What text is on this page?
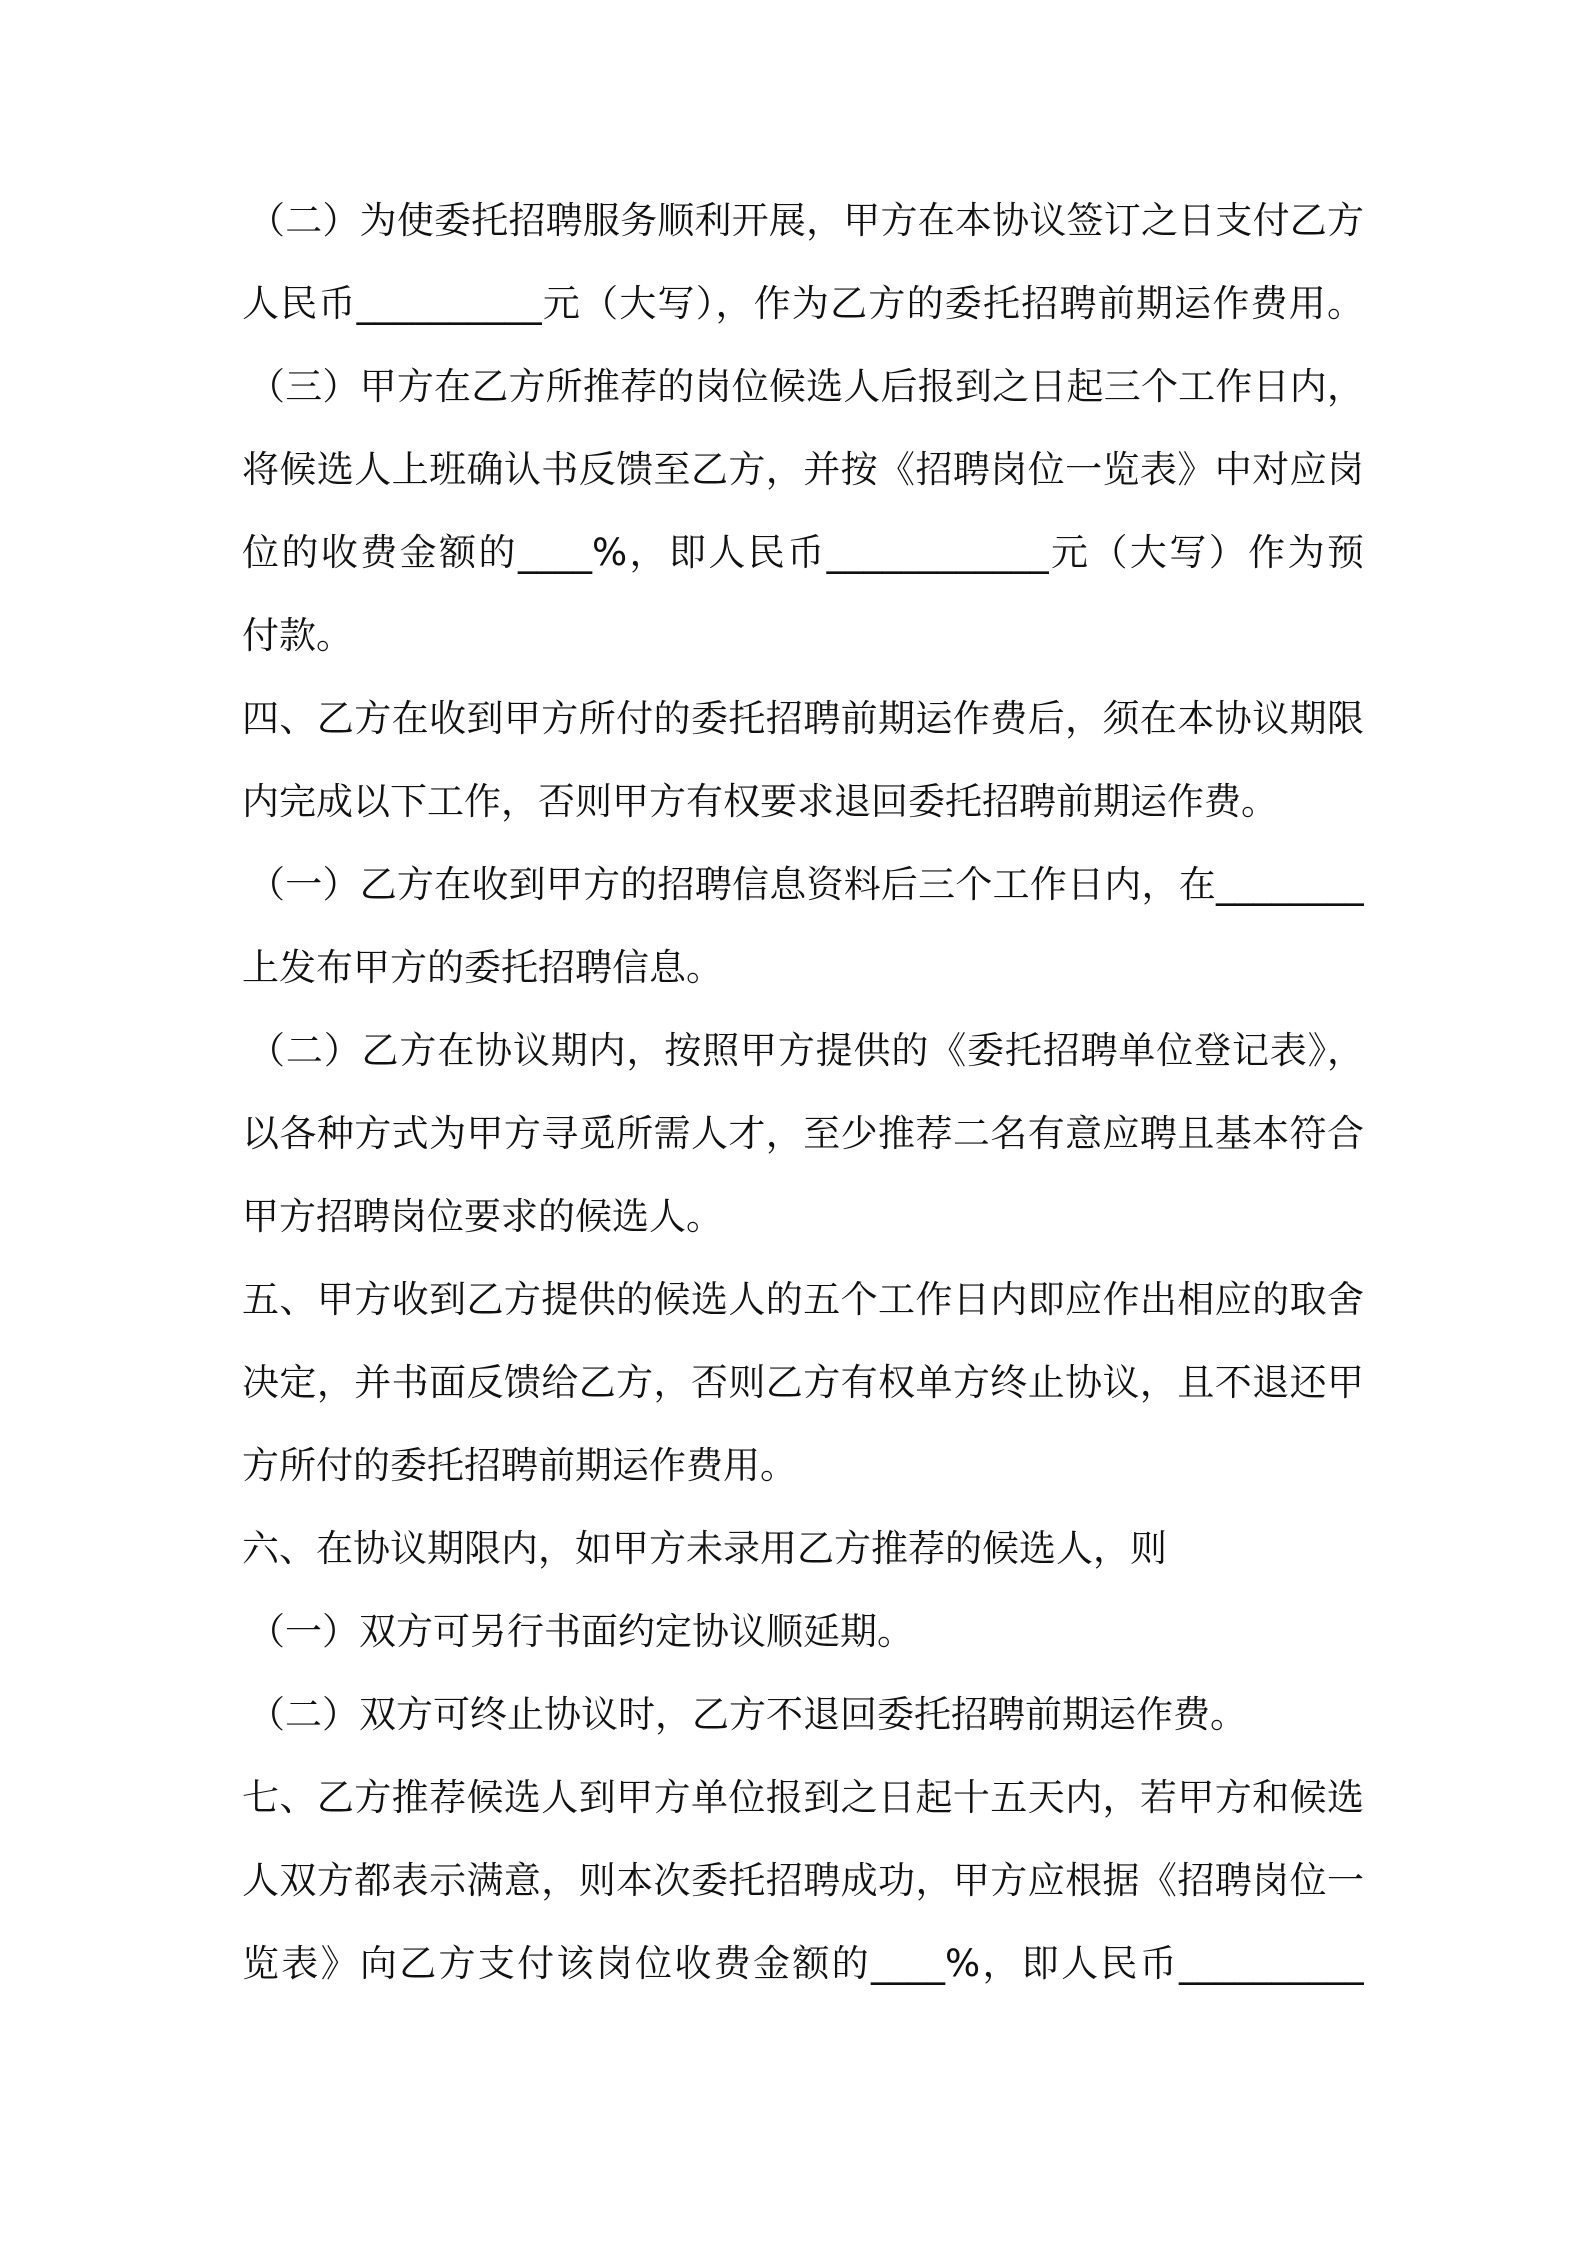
（二）为使委托招聘服务顺利开展，甲方在本协议签订之日支付乙方
人民币__________元（大写），作为乙方的委托招聘前期运作费用。
（三）甲方在乙方所推荐的岗位候选人后报到之日起三个工作日内，
将候选人上班确认书反馈至乙方，并按《招聘岗位一览表》中对应岗
位的收费金额的____%，即人民币____________元（大写）作为预
付款。
四、乙方在收到甲方所付的委托招聘前期运作费后，须在本协议期限
内完成以下工作，否则甲方有权要求退回委托招聘前期运作费。
（一）乙方在收到甲方的招聘信息资料后三个工作日内，在________
上发布甲方的委托招聘信息。
（二）乙方在协议期内，按照甲方提供的《委托招聘单位登记表》，
以各种方式为甲方寻觅所需人才，至少推荐二名有意应聘且基本符合
甲方招聘岗位要求的候选人。
五、甲方收到乙方提供的候选人的五个工作日内即应作出相应的取舍
决定，并书面反馈给乙方，否则乙方有权单方终止协议，且不退还甲
方所付的委托招聘前期运作费用。
六、在协议期限内，如甲方未录用乙方推荐的候选人，则
（一）双方可另行书面约定协议顺延期。
（二）双方可终止协议时，乙方不退回委托招聘前期运作费。
七、乙方推荐候选人到甲方单位报到之日起十五天内，若甲方和候选
人双方都表示满意，则本次委托招聘成功，甲方应根据《招聘岗位一
览表》向乙方支付该岗位收费金额的____%，即人民币__________
